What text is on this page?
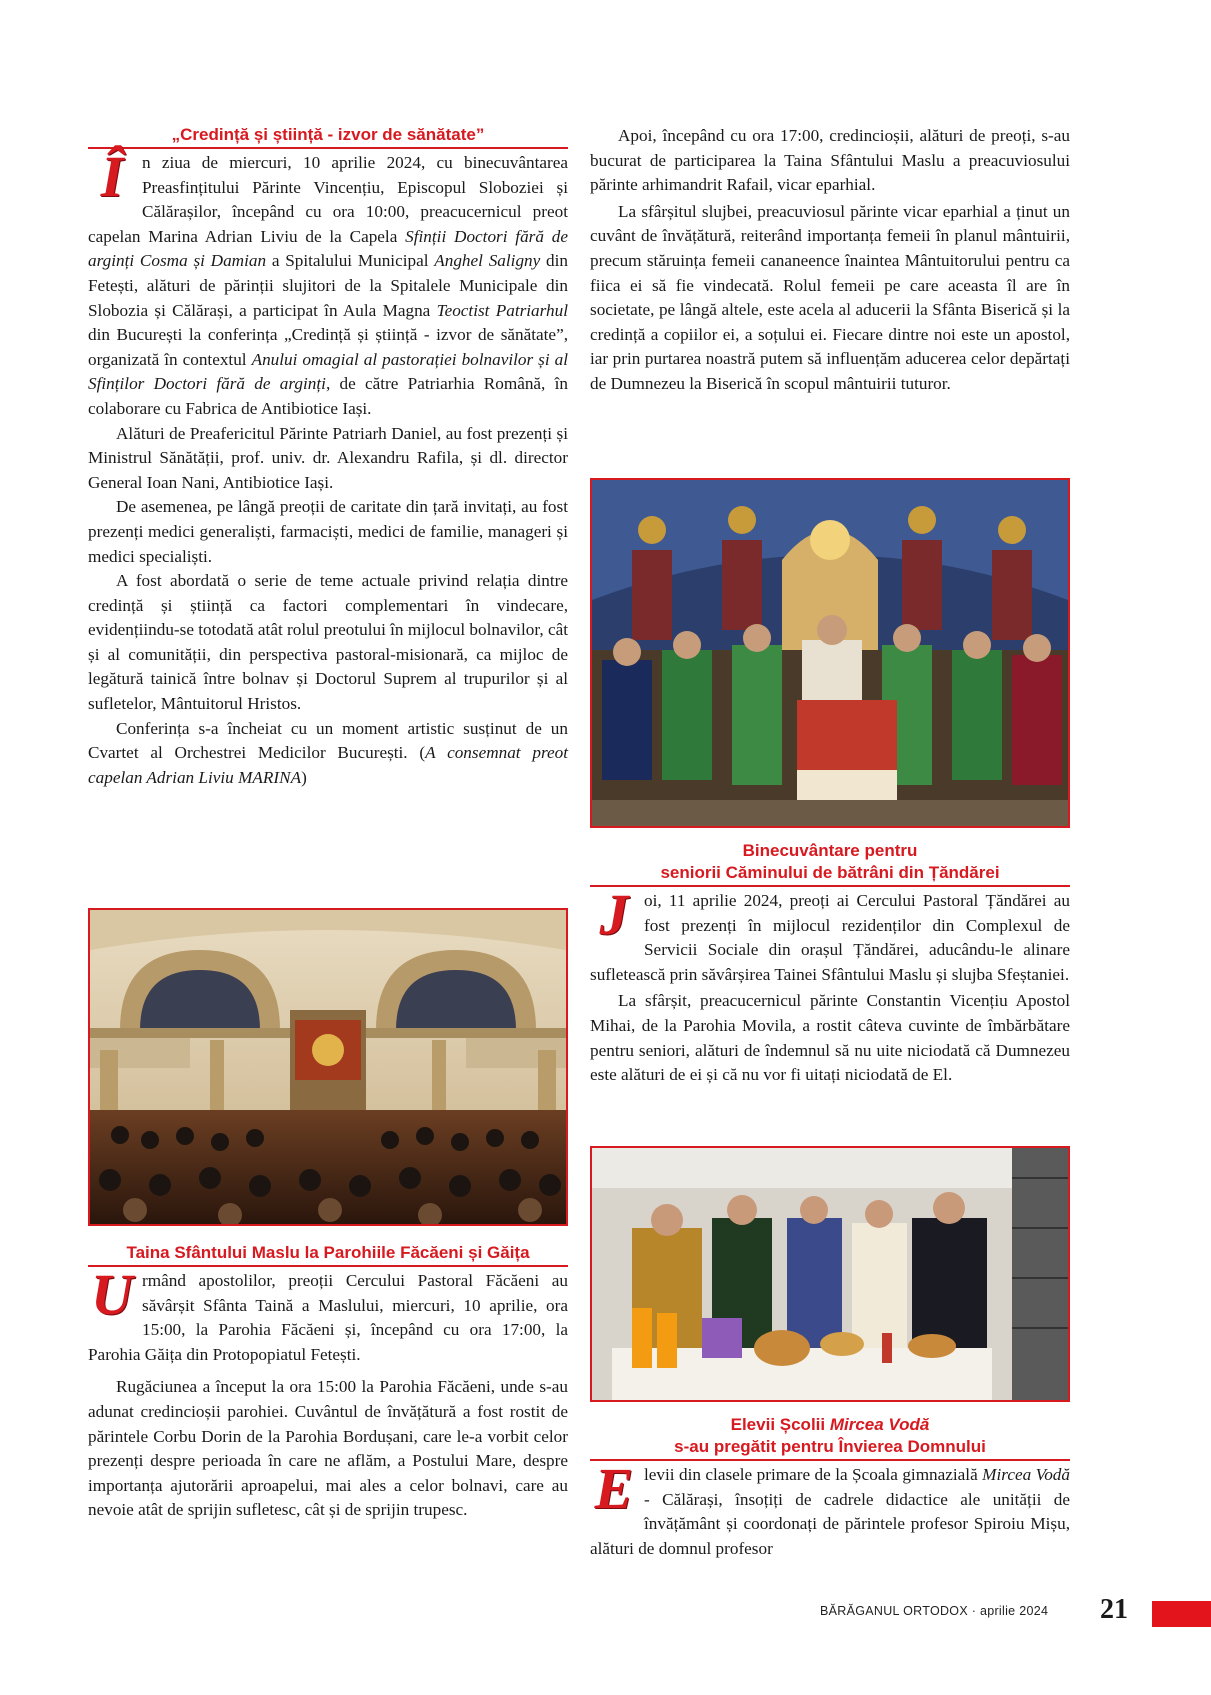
„Credință și știință - izvor de sănătate”

Î	n ziua de miercuri, 10 aprilie 2024, cu binecuvântarea Preasfințitului Părinte Vincențiu, Episcopul Sloboziei și Călărașilor, începând cu ora 10:00, preacucernicul preot capelan Marina Adrian Liviu de la Capela Sfinții Doctori fără de arginți Cosma și Damian a Spitalului Municipal Anghel Saligny din Fetești, alături de părinții slujitori de la Spitalele Municipale din Slobozia și Călărași, a participat în Aula Magna Teoctist Patriarhul din București la conferința „Credință și știință - izvor de sănătate”, organizată în contextul Anului omagial al pastorației bolnavilor și al Sfinților Doctori fără de arginți, de către Patriarhia Română, în colaborare cu Fabrica de Antibiotice Iași.

Alături de Preafericitul Părinte Patriarh Daniel, au fost prezenți și Ministrul Sănătății, prof. univ. dr. Alexandru Rafila, și dl. director General Ioan Nani, Antibiotice Iași.

De asemenea, pe lângă preoții de caritate din țară invitați, au fost prezenți medici generaliști, farmaciști, medici de familie, manageri și medici specialiști.

A fost abordată o serie de teme actuale privind relația dintre credință și știință ca factori complementari în vindecare, evidențiindu-se totodată atât rolul preotului în mijlocul bolnavilor, cât și al comunității, din perspectiva pastoral-misionară, ca mijloc de legătură tainică între bolnav și Doctorul Suprem al trupurilor și al sufletelor, Mântuitorul Hristos.

Conferința s-a încheiat cu un moment artistic susținut de un Cvartet al Orchestrei Medicilor București. (A consemnat preot capelan Adrian Liviu MARINA)

Taina Sfântului Maslu la Parohiile Făcăeni și Găița

Urmând apostolilor, preoții Cercului Pastoral Făcăeni au săvârșit Sfânta Taină a Maslului, miercuri, 10 aprilie, ora 15:00, la Parohia Făcăeni și, începând cu ora 17:00, la Parohia Găița din Protopopiatul Fetești.

Rugăciunea a început la ora 15:00 la Parohia Făcăeni, unde s-au adunat credincioșii parohiei. Cuvântul de învățătură a fost rostit de părintele Corbu Dorin de la Parohia Bordușani, care le-a vorbit celor prezenți despre perioada în care ne aflăm, a Postului Mare, despre importanța ajutorării aproapelui, mai ales a celor bolnavi, care au nevoie atât de sprijin sufletesc, cât și de sprijin trupesc.

Apoi, începând cu ora 17:00, credincioșii, alături de preoți, s-au bucurat de participarea la Taina Sfântului Maslu a preacuviosului părinte arhimandrit Rafail, vicar eparhial.

La sfârșitul slujbei, preacuviosul părinte vicar eparhial a ținut un cuvânt de învățătură, reiterând importanța femeii în planul mântuirii, precum stăruința femeii cananeence înaintea Mântuitorului pentru ca fiica ei să fie vindecată. Rolul femeii pe care aceasta îl are în societate, pe lângă altele, este acela al aducerii la Sfânta Biserică și la credință a copiilor ei, a soțului ei. Fiecare dintre noi este un apostol, iar prin purtarea noastră putem să influențăm aducerea celor depărtați de Dumnezeu la Biserică în scopul mântuirii tuturor.

Binecuvântare pentru
seniorii Căminului de bătrâni din Țăndărei

Joi, 11 aprilie 2024, preoți ai Cercului Pastoral Țăndărei au fost prezenți în mijlocul rezidenților din Complexul de Servicii Sociale din orașul Țăndărei, aducându-le alinare sufletească prin săvârșirea Tainei Sfântului Maslu și slujba Sfeștaniei.

La sfârșit, preacucernicul părinte Constantin Vicențiu Apostol Mihai, de la Parohia Movila, a rostit câteva cuvinte de îmbărbătare pentru seniori, alături de îndemnul să nu uite niciodată că Dumnezeu este alături de ei și că nu vor fi uitați niciodată de El.

Elevii Școlii Mircea Vodă
s-au pregătit pentru Învierea Domnului

Elevii din clasele primare de la Școala gimnazială Mircea Vodă - Călărași, însoțiți de cadrele didactice ale unității de învățământ și coordonați de părintele profesor Spiroiu Mișu, alături de domnul profesor

BĂRĂGANUL ORTODOX · aprilie 2024 21
